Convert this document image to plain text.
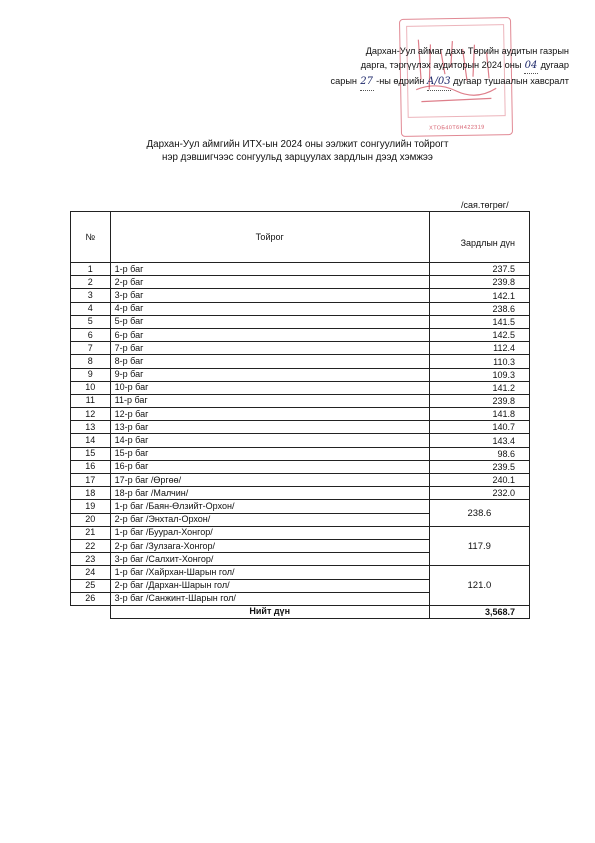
ХТОБ40Т6Н422319
Дархан-Уул аймаг дахь Төрийн аудитын газрын
дарга, тэргүүлэх аудиторын 2024 оны 04 дугаар
сарын 27 -ны өдрийн А/03 дугаар тушаалын хавсралт
Дархан-Уул аймгийн ИТХ-ын 2024 оны ээлжит сонгуулийн тойрогт
нэр дэвшигчээс сонгуульд зарцуулах зардлын дээд хэмжээ
/сая.төгрөг/
№	Тойрог	Зардлын дүн
1	1-р баг	237.5
2	2-р баг	239.8
3	3-р баг	142.1
4	4-р баг	238.6
5	5-р баг	141.5
6	6-р баг	142.5
7	7-р баг	112.4
8	8-р баг	110.3
9	9-р баг	109.3
10	10-р баг	141.2
11	11-р баг	239.8
12	12-р баг	141.8
13	13-р баг	140.7
14	14-р баг	143.4
15	15-р баг	98.6
16	16-р баг	239.5
17	17-р баг /Өргөө/	240.1
18	18-р баг /Малчин/	232.0
19	1-р баг /Баян-Өлзийт-Орхон/	238.6
20	2-р баг /Энхтал-Орхон/	
21	1-р баг /Буурал-Хонгор/	117.9
22	2-р баг /Зулзага-Хонгор/	
23	3-р баг /Салхит-Хонгор/	
24	1-р баг /Хайрхан-Шарын гол/	121.0
25	2-р баг /Дархан-Шарын гол/	
26	3-р баг /Санжинт-Шарын гол/	
	Нийт дүн	3,568.7
